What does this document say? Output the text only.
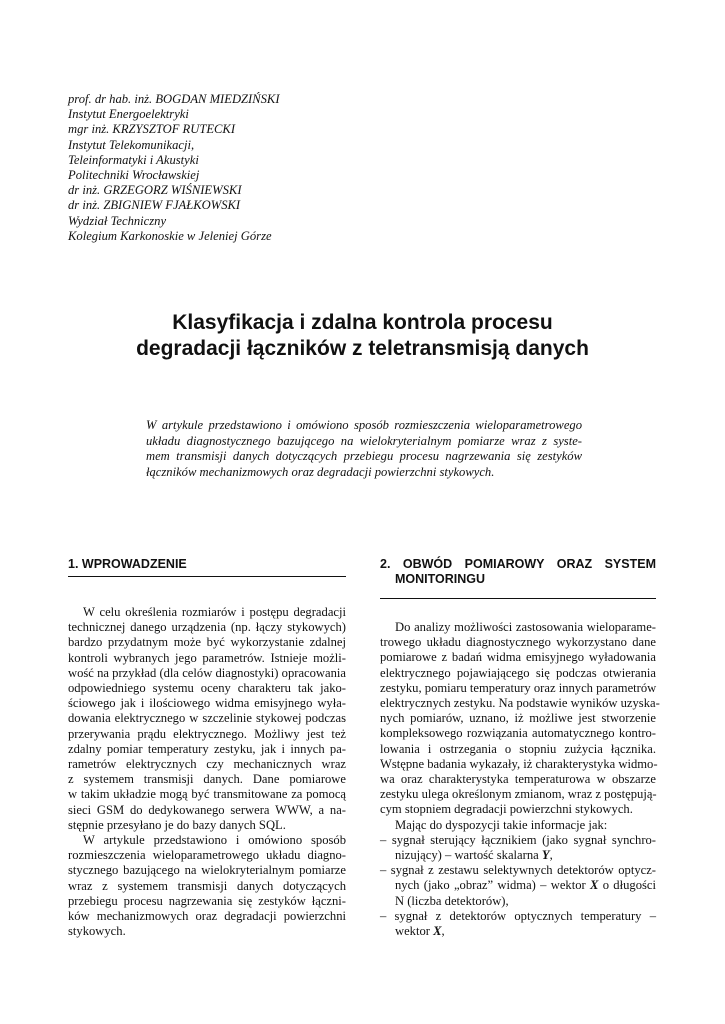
prof. dr hab. inż. BOGDAN MIEDZIŃSKI
Instytut Energoelektryki
mgr inż. KRZYSZTOF RUTECKI
Instytut Telekomunikacji,
Teleinformatyki i Akustyki
Politechniki Wrocławskiej
dr inż. GRZEGORZ WIŚNIEWSKI
dr inż. ZBIGNIEW FJAŁKOWSKI
Wydział Techniczny
Kolegium Karkonoskie w Jeleniej Górze
Klasyfikacja i zdalna kontrola procesu
degradacji łączników z teletransmisją danych
W artykule przedstawiono i omówiono sposób rozmieszczenia wieloparametrowego
układu diagnostycznego bazującego na wielokryterialnym pomiarze wraz z syste-
mem transmisji danych dotyczących przebiegu procesu nagrzewania się zestyków
łączników mechanizmowych oraz degradacji powierzchni stykowych.
1. WPROWADZENIE	2. OBWÓD POMIAROWY ORAZ SYSTEM
MONITORINGU
W celu określenia rozmiarów i postępu degradacji
technicznej danego urządzenia (np. łączy stykowych)
bardzo przydatnym może być wykorzystanie zdalnej
kontroli wybranych jego parametrów. Istnieje możli-
wość na przykład (dla celów diagnostyki) opracowania
odpowiedniego systemu oceny charakteru tak jako-
ściowego jak i ilościowego widma emisyjnego wyła-
dowania elektrycznego w szczelinie stykowej podczas
przerywania prądu elektrycznego. Możliwy jest też
zdalny pomiar temperatury zestyku, jak i innych pa-
rametrów elektrycznych czy mechanicznych wraz
z systemem transmisji danych. Dane pomiarowe
w takim układzie mogą być transmitowane za pomocą
sieci GSM do dedykowanego serwera WWW, a na-
stępnie przesyłano je do bazy danych SQL.
W artykule przedstawiono i omówiono sposób
rozmieszczenia wieloparametrowego układu diagno-
stycznego bazującego na wielokryterialnym pomiarze
wraz z systemem transmisji danych dotyczących
przebiegu procesu nagrzewania się zestyków łączni-
ków mechanizmowych oraz degradacji powierzchni
stykowych.
Do analizy możliwości zastosowania wieloparame-
trowego układu diagnostycznego wykorzystano dane
pomiarowe z badań widma emisyjnego wyładowania
elektrycznego pojawiającego się podczas otwierania
zestyku, pomiaru temperatury oraz innych parametrów
elektrycznych zestyku. Na podstawie wyników uzyska-
nych pomiarów, uznano, iż możliwe jest stworzenie
kompleksowego rozwiązania automatycznego kontro-
lowania i ostrzegania o stopniu zużycia łącznika.
Wstępne badania wykazały, iż charakterystyka widmo-
wa oraz charakterystyka temperaturowa w obszarze
zestyku ulega określonym zmianom, wraz z postępują-
cym stopniem degradacji powierzchni stykowych.
Mając do dyspozycji takie informacje jak:
– sygnał sterujący łącznikiem (jako sygnał synchro-
nizujący) – wartość skalarna Y,
– sygnał z zestawu selektywnych detektorów optycz-
nych (jako „obraz” widma) – wektor X o długości
N (liczba detektorów),
– sygnał z detektorów optycznych temperatury –
wektor X,
